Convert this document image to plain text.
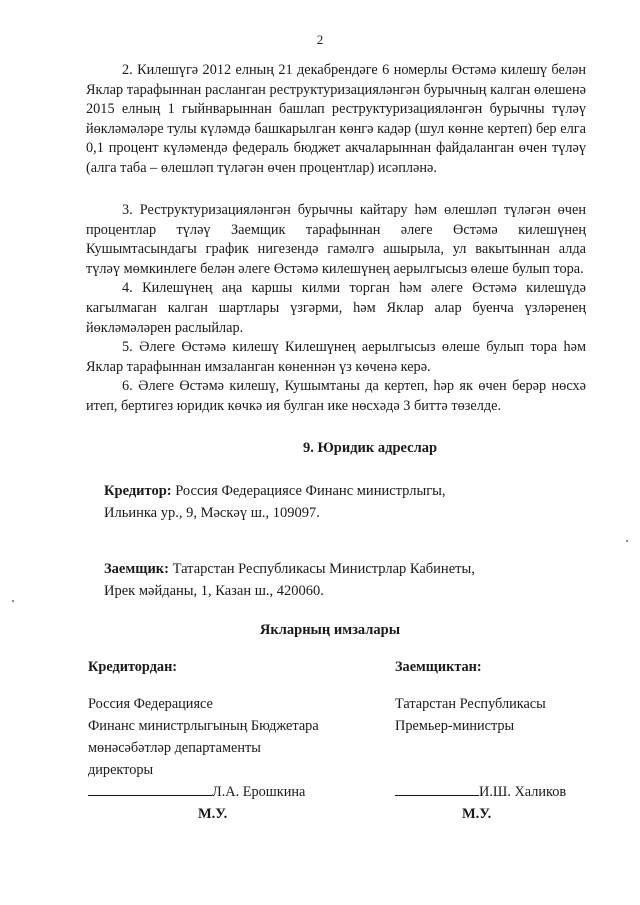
2

2. Килешүгә 2012 елның 21 декабрендәге 6 номерлы Өстәмә килешү белән Яклар тарафыннан расланган реструктуризацияләнгән бурычның калган өлешенә 2015 елның 1 гыйнварыннан башлап реструктуризацияләнгән бурычны түләү йөкләмәләре тулы күләмдә башкарылган көнгә кадәр (шул көнне кертеп) бер елга 0,1 процент күләмендә федераль бюджет акчаларыннан файдаланган өчен түләү (алга таба – өлешләп түләгән өчен процентлар) исәпләнә.

3. Реструктуризацияләнгән бурычны кайтару һәм өлешләп түләгән өчен процентлар түләү Заемщик тарафыннан әлеге Өстәмә килешүнең Кушымтасындагы график нигезендә гамәлгә ашырыла, ул вакытыннан алда түләү мөмкинлеге белән әлеге Өстәмә килешүнең аерылгысыз өлеше булып тора.

4. Килешүнең аңа каршы килми торган һәм әлеге Өстәмә килешүдә кагылмаган калган шартлары үзгәрми, һәм Яклар алар буенча үзләренең йөкләмәләрен раслыйлар.

5. Әлеге Өстәмә килешү Килешүнең аерылгысыз өлеше булып тора һәм Яклар тарафыннан имзаланган көненнән үз көченә керә.

6. Әлеге Өстәмә килешү, Кушымтаны да кертеп, һәр як өчен берәр нөсхә итеп, бертигез юридик көчкә ия булган ике нөсхәдә 3 биттә төзелде.

9. Юридик адреслар
Кредитор: Россия Федерациясе Финанс министрлыгы,
Ильинка ур., 9, Мәскәү ш., 109097.
Заемщик: Татарстан Республикасы Министрлар Кабинеты,
Ирек мәйданы, 1, Казан ш., 420060.
Якларның имзалары
Кредитордан:
Россия Федерациясе
Финанс министрлыгының Бюджетара
мөнәсәбәтләр департаменты
директоры
Л.А. Ерошкина
Заемщиктан:
Татарстан Республикасы
Премьер-министры
И.Ш. Халиков
М.У.	М.У.
